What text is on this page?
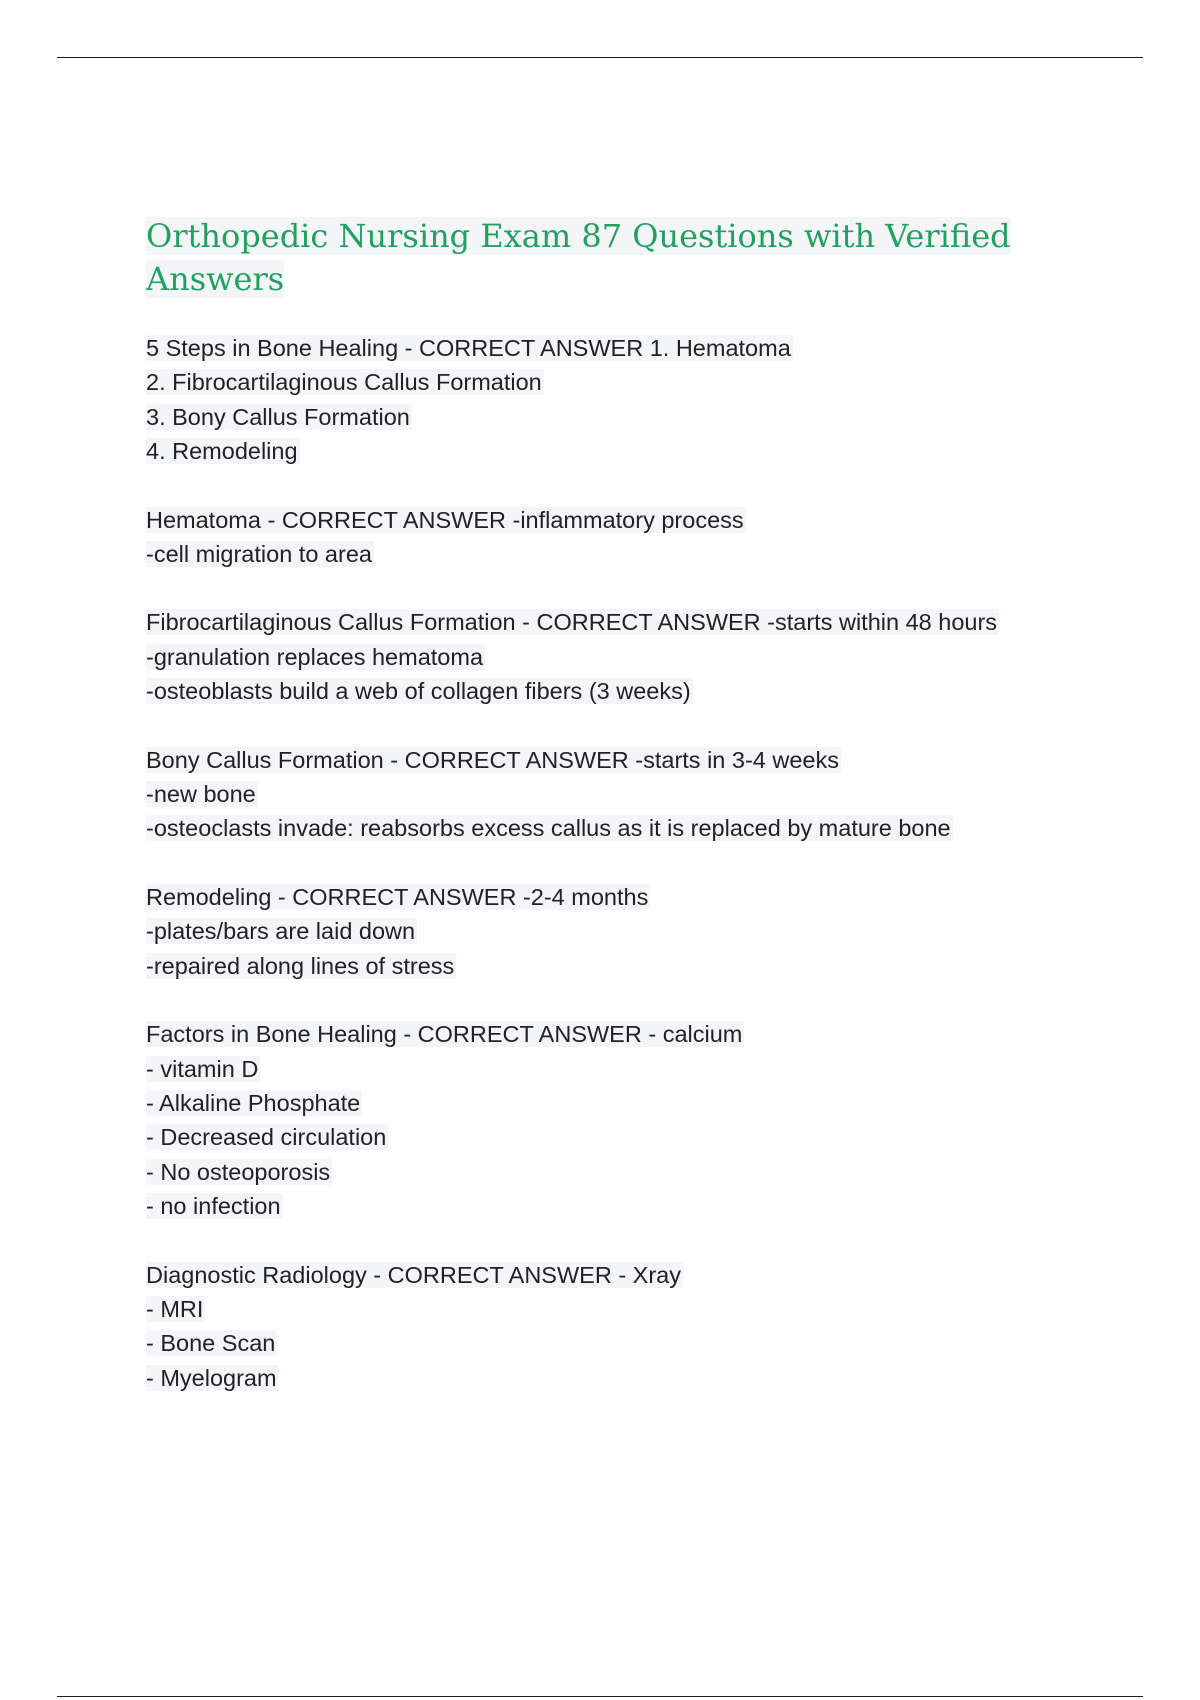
Orthopedic Nursing Exam 87 Questions with Verified
Answers
5 Steps in Bone Healing - CORRECT ANSWER 1. Hematoma
2. Fibrocartilaginous Callus Formation
3. Bony Callus Formation
4. Remodeling
Hematoma - CORRECT ANSWER -inflammatory process
-cell migration to area
Fibrocartilaginous Callus Formation - CORRECT ANSWER -starts within 48 hours
-granulation replaces hematoma
-osteoblasts build a web of collagen fibers (3 weeks)
Bony Callus Formation - CORRECT ANSWER -starts in 3-4 weeks
-new bone
-osteoclasts invade: reabsorbs excess callus as it is replaced by mature bone
Remodeling - CORRECT ANSWER -2-4 months
-plates/bars are laid down
-repaired along lines of stress
Factors in Bone Healing - CORRECT ANSWER - calcium
- vitamin D
- Alkaline Phosphate
- Decreased circulation
- No osteoporosis
- no infection
Diagnostic Radiology - CORRECT ANSWER - Xray
- MRI
- Bone Scan
- Myelogram
